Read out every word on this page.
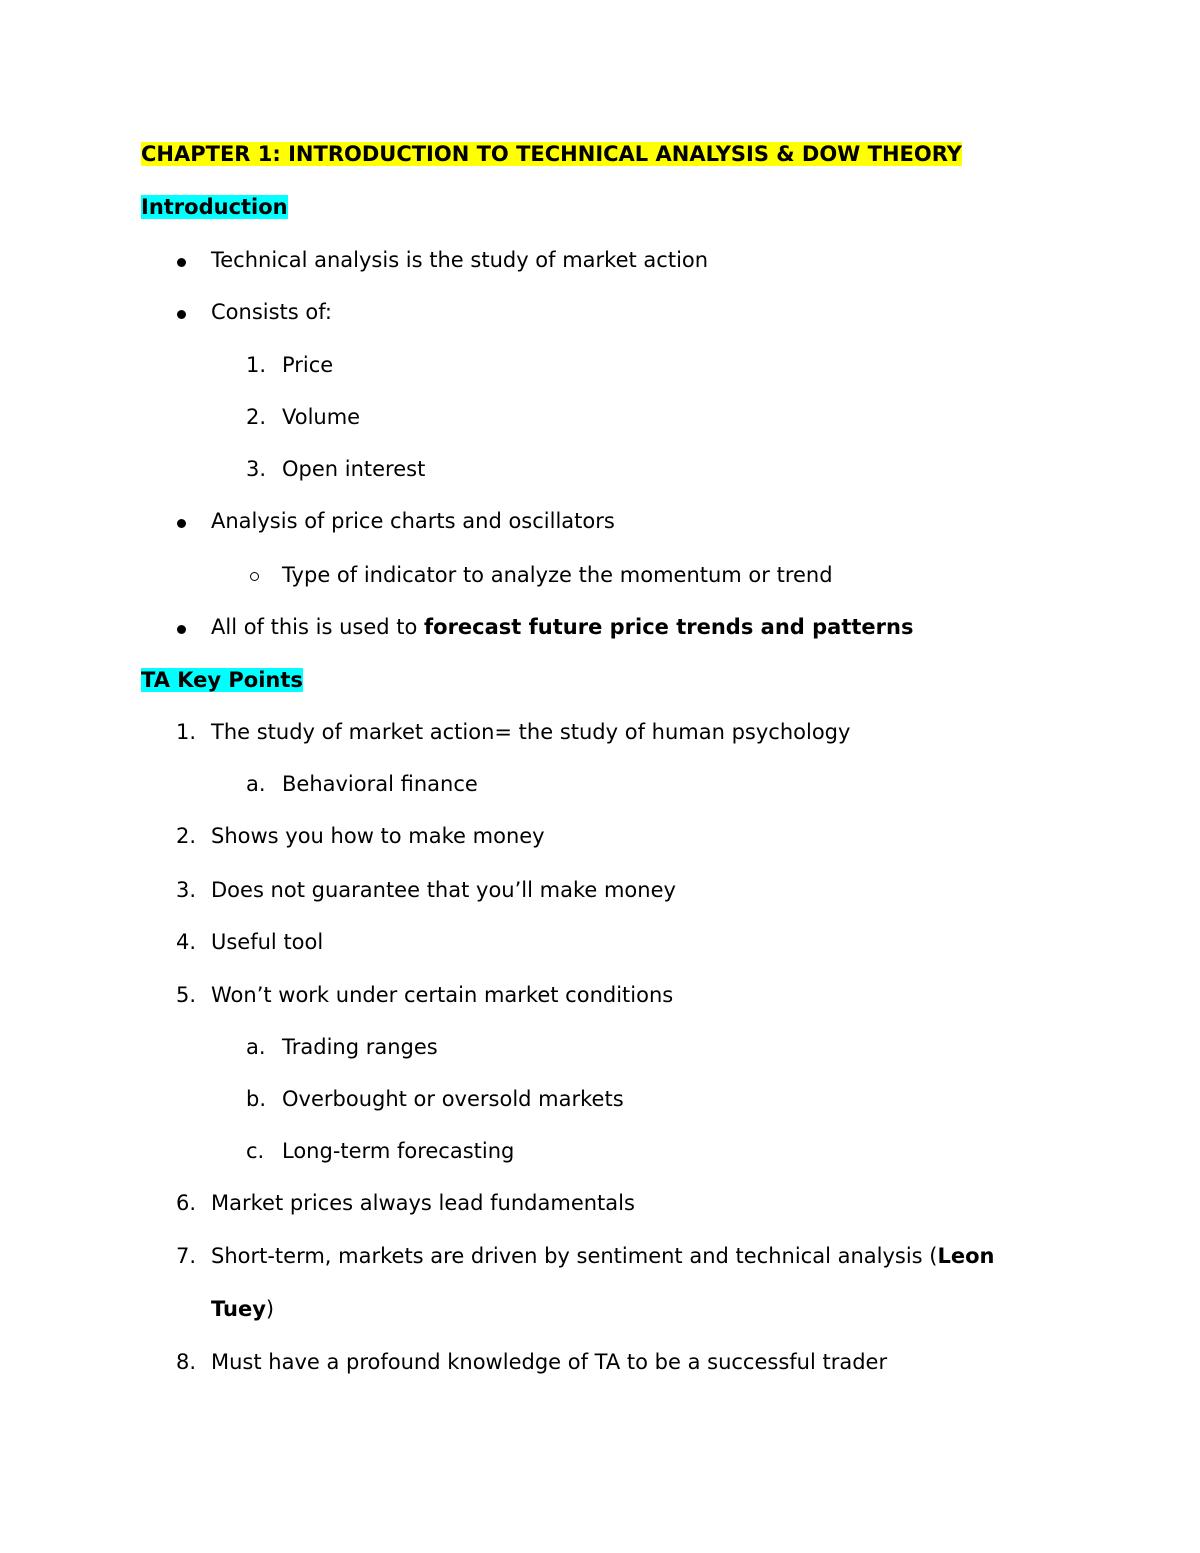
CHAPTER 1: INTRODUCTION TO TECHNICAL ANALYSIS & DOW THEORY
Introduction
Technical analysis is the study of market action
Consists of:
1. Price
2. Volume
3. Open interest
Analysis of price charts and oscillators
Type of indicator to analyze the momentum or trend
All of this is used to forecast future price trends and patterns
TA Key Points
1. The study of market action= the study of human psychology
a. Behavioral finance
2. Shows you how to make money
3. Does not guarantee that you’ll make money
4. Useful tool
5. Won’t work under certain market conditions
a. Trading ranges
b. Overbought or oversold markets
c. Long-term forecasting
6. Market prices always lead fundamentals
7. Short-term, markets are driven by sentiment and technical analysis (Leon
Tuey)
8. Must have a profound knowledge of TA to be a successful trader
